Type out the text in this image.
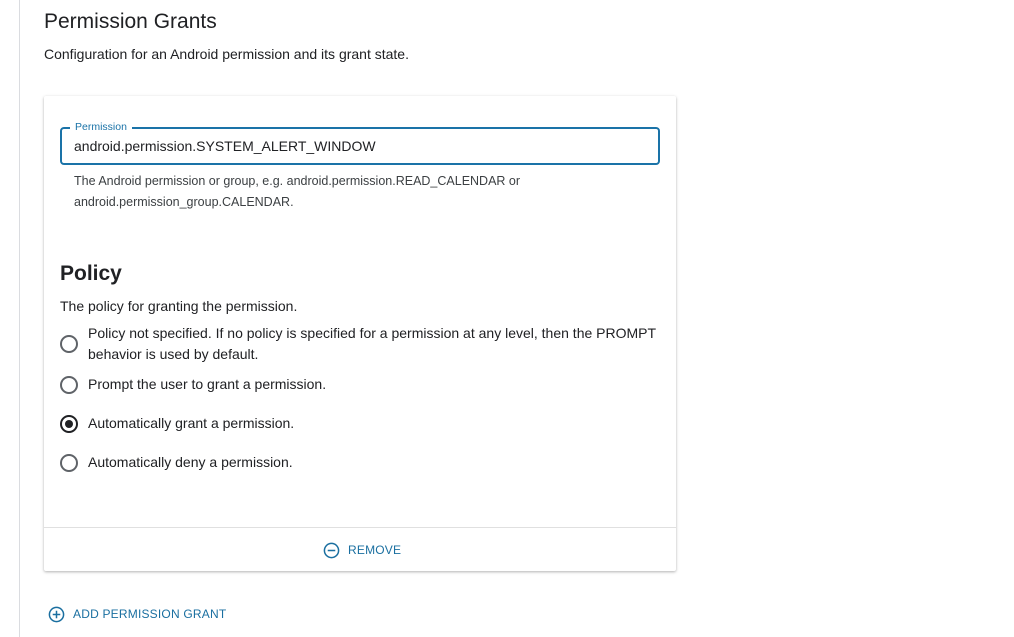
Permission Grants

Configuration for an Android permission and its grant state.

Permission
android.permission.SYSTEM_ALERT_WINDOW

The Android permission or group, e.g. android.permission.READ_CALENDAR or android.permission_group.CALENDAR.

Policy

The policy for granting the permission.

Policy not specified. If no policy is specified for a permission at any level, then the PROMPT behavior is used by default.
Prompt the user to grant a permission.
Automatically grant a permission.
Automatically deny a permission.
REMOVE
ADD PERMISSION GRANT
